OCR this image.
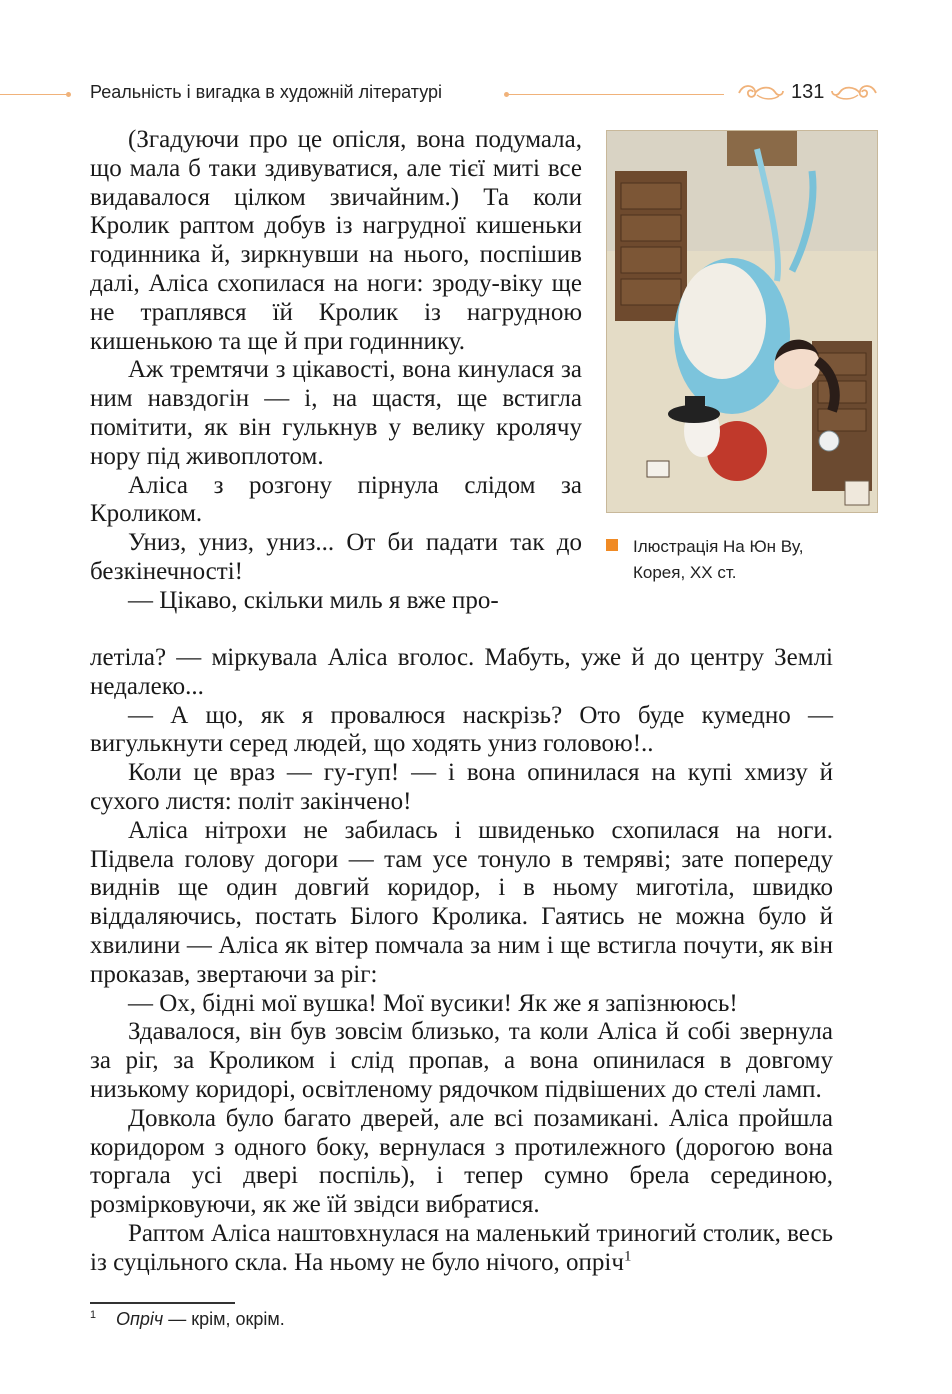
Реальність і вигадка в художній літературі	131

(Згадуючи про це опісля, вона подумала, що мала б таки здивуватися, але тієї миті все видавалося цілком звичайним.) Та коли Кролик раптом добув із нагрудної кишеньки годинника й, зиркнувши на нього, поспішив далі, Аліса схопилася на ноги: зроду-віку ще не траплявся їй Кролик із нагрудною кишенькою та ще й при годиннику.

Аж тремтячи з цікавості, вона кинулася за ним навздогін — і, на щастя, ще встигла помітити, як він гулькнув у велику кролячу нору під живоплотом.

Аліса з розгону пірнула слідом за Кроликом.

Униз, униз, униз... От би падати так до безкінечності!

— Цікаво, скільки миль я вже про-

Ілюстрація На Юн Ву, Корея, XX ст.

летіла? — міркувала Аліса вголос. Мабуть, уже й до центру Землі недалеко...

— А що, як я провалюся наскрізь? Ото буде кумедно — вигулькнути серед людей, що ходять униз головою!..

Коли це враз — гу-гуп! — і вона опинилася на купі хмизу й сухого листя: політ закінчено!

Аліса нітрохи не забилась і швиденько схопилася на ноги. Підвела голову догори — там усе тонуло в темряві; зате попереду виднів ще один довгий коридор, і в ньому миготіла, швидко віддаляючись, постать Білого Кролика. Гаятись не можна було й хвилини — Аліса як вітер помчала за ним і ще встигла почути, як він проказав, звертаючи за ріг:

— Ох, бідні мої вушка! Мої вусики! Як же я запізнююсь!

Здавалося, він був зовсім близько, та коли Аліса й собі звернула за ріг, за Кроликом і слід пропав, а вона опинилася в довгому низькому коридорі, освітленому рядочком підвішених до стелі ламп.

Довкола було багато дверей, але всі позамикані. Аліса пройшла коридором з одного боку, вернулася з протилежного (дорогою вона торгала усі двері поспіль), і тепер сумно брела серединою, розмірковуючи, як же їй звідси вибратися.

Раптом Аліса наштовхнулася на маленький триногий столик, весь із суцільного скла. На ньому не було нічого, опріч$^1$

$^1$ Опріч — крім, окрім.
